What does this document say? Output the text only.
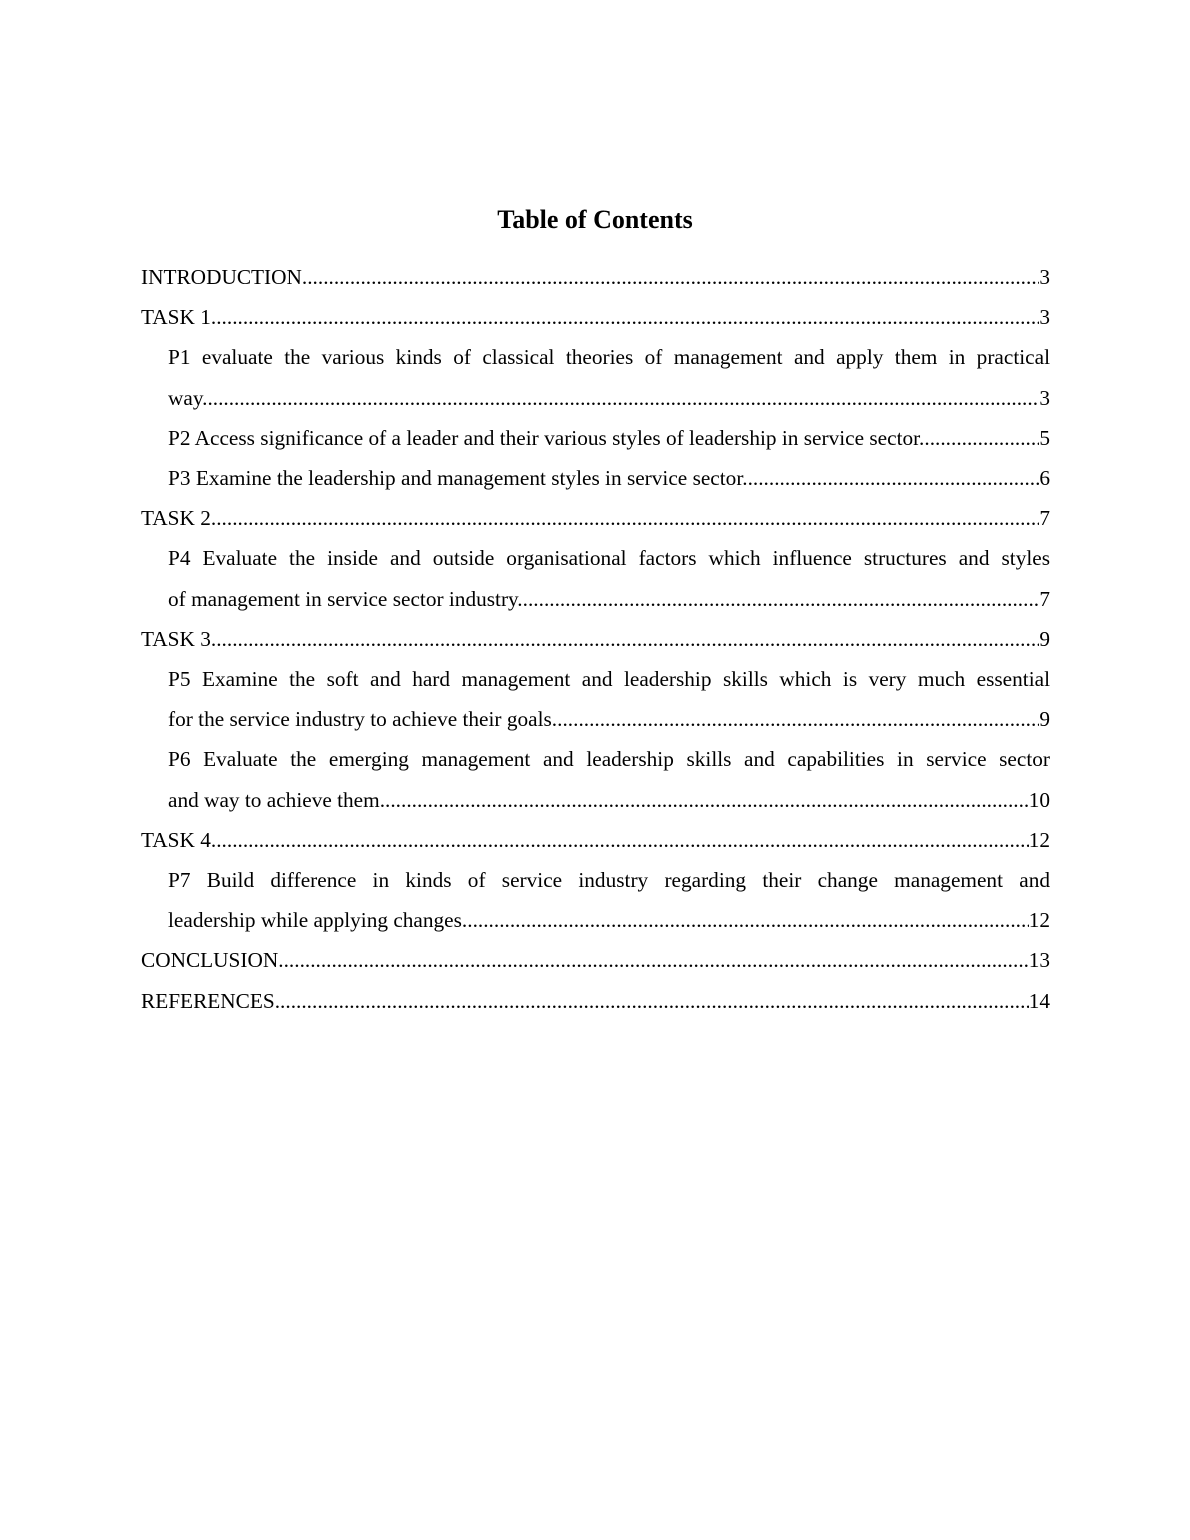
Table of Contents
INTRODUCTION .....	3
TASK 1 .....	3
P1 evaluate the various kinds of classical theories of management and apply them in practical
way. .....	3
P2 Access significance of a leader and their various styles of leadership in service sector. .....	5
P3 Examine the leadership and management styles in service sector. .....	6
TASK 2 .....	7
P4 Evaluate the inside and outside organisational factors which influence structures and styles
of management in service sector industry. .....	7
TASK 3 .....	9
P5 Examine the soft and hard management and leadership skills which is very much essential
for the service industry to achieve their goals. .....	9
P6 Evaluate the emerging management and leadership skills and capabilities in service sector
and way to achieve them .....	10
TASK 4 .....	12
P7 Build difference in kinds of service industry regarding their change management and
leadership while applying changes. .....	12
CONCLUSION .....	13
REFERENCES .....	14
